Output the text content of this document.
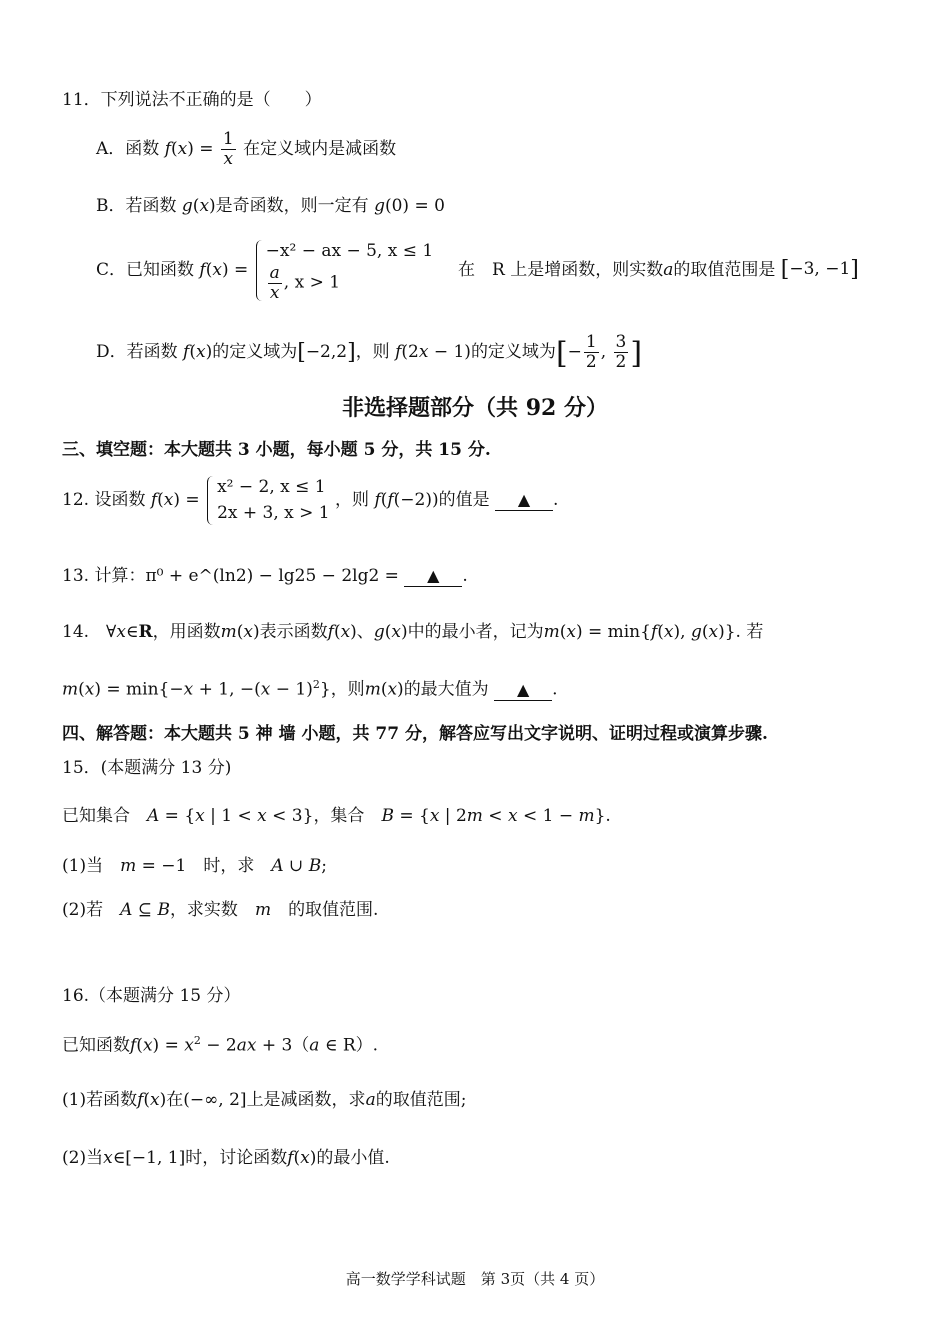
11．下列说法不正确的是（　　）
A．函数 $f(x) = \frac{1}{x}$ 在定义域内是减函数
B．若函数 g(x)是奇函数，则一定有 g(0) = 0
C．已知函数 f(x) =
−x² − ax − 5, x ≤ 1
$\frac{a}{x}$ , x > 1
在　R 上是增函数，则实数a的取值范围是 [−3, −1]
D．若函数 f(x)的定义域为[−2,2]，则 f(2x − 1)的定义域为[− $\frac{1}{2}$ , $\frac{3}{2}$ ]
非选择题部分（共 92 分）
三、填空题：本大题共 3 小题，每小题 5 分，共 15 分.
12. 设函数 f(x) =
x² − 2, x ≤ 1
2x + 3, x > 1
，则 f(f(−2))的值是 ▲ .
13. 计算：π⁰ + e^(ln2) − lg25 − 2lg2 = ▲ .
14.　∀x∈R，用函数m(x)表示函数f(x)、g(x)中的最小者，记为m(x) = min{f(x), g(x)}. 若
m(x) = min{−x + 1, $-(x - 1)^2$}，则m(x)的最大值为 ▲ .
四、解答题：本大题共 5 神 墙 小题，共 77 分，解答应写出文字说明、证明过程或演算步骤.
15．(本题满分 13 分)
已知集合　 A = {x | 1 < x < 3}，集合　 B = {x | 2m < x < 1 − m}.
(1)当　 m = −1　时，求　 A ∪ B;
(2)若　 A ⊆ B，求实数　 m　 的取值范围.
16.（本题满分 15 分）
已知函数$f(x) = x^2 - 2ax + 3(a$ ∈ R）.
(1)若函数f(x)在(−∞, 2]上是减函数，求a的取值范围;
(2)当x∈[−1, 1]时，讨论函数f(x)的最小值.
高一数学学科试题　第 3页（共 4 页）
